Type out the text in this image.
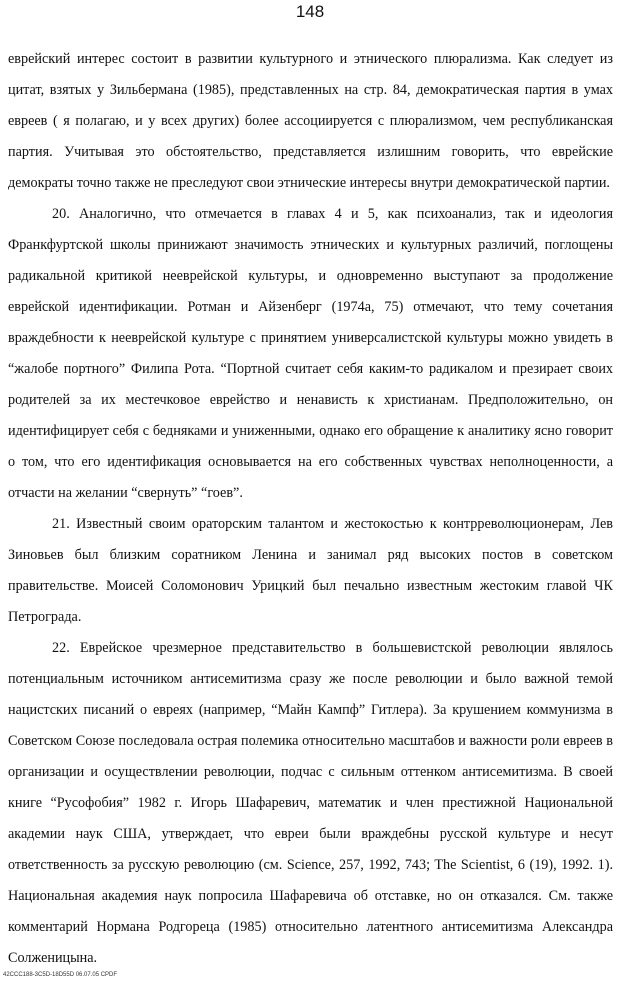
148

еврейский интерес состоит в развитии культурного и этнического плюрализма. Как следует из цитат, взятых у Зильбермана (1985), представленных на стр. 84, демократическая партия в умах евреев ( я полагаю, и у всех других) более ассоциируется с плюрализмом, чем республиканская партия. Учитывая это обстоятельство, представляется излишним говорить, что еврейские демократы точно также не преследуют свои этнические интересы внутри демократической партии.

20. Аналогично, что отмечается в главах 4 и 5, как психоанализ, так и идеология Франкфуртской школы принижают значимость этнических и культурных различий, поглощены радикальной критикой нееврейской культуры, и одновременно выступают за продолжение еврейской идентификации. Ротман и Айзенберг (1974а, 75) отмечают, что тему сочетания враждебности к нееврейской культуре с принятием универсалистской культуры можно увидеть в “жалобе портного” Филипа Рота. “Портной считает себя каким-то радикалом и презирает своих родителей за их местечковое еврейство и ненависть к христианам. Предположительно, он идентифицирует себя с бедняками и униженными, однако его обращение к аналитику ясно говорит о том, что его идентификация основывается на его собственных чувствах неполноценности, а отчасти на желании “свернуть” “гоев”.

21. Известный своим ораторским талантом и жестокостью к контрреволюционерам, Лев Зиновьев был близким соратником Ленина и занимал ряд высоких постов в советском правительстве. Моисей Соломонович Урицкий был печально известным жестоким главой ЧК Петрограда.

22. Еврейское чрезмерное представительство в большевистской революции являлось потенциальным источником антисемитизма сразу же после революции и было важной темой нацистских писаний о евреях (например, “Майн Кампф” Гитлера). За крушением коммунизма в Советском Союзе последовала острая полемика относительно масштабов и важности роли евреев в организации и осуществлении революции, подчас с сильным оттенком антисемитизма. В своей книге “Русофобия” 1982 г. Игорь Шафаревич, математик и член престижной Национальной академии наук США, утверждает, что евреи были враждебны русской культуре и несут ответственность за русскую революцию (см. Science, 257, 1992, 743; The Scientist, 6 (19), 1992. 1). Национальная академия наук попросила Шафаревича об отставке, но он отказался. См. также комментарий Нормана Родгореца (1985) относительно латентного антисемитизма Александра Солженицына.

42CCC188-3C5D-18D55D 06.07.05 CPDF
